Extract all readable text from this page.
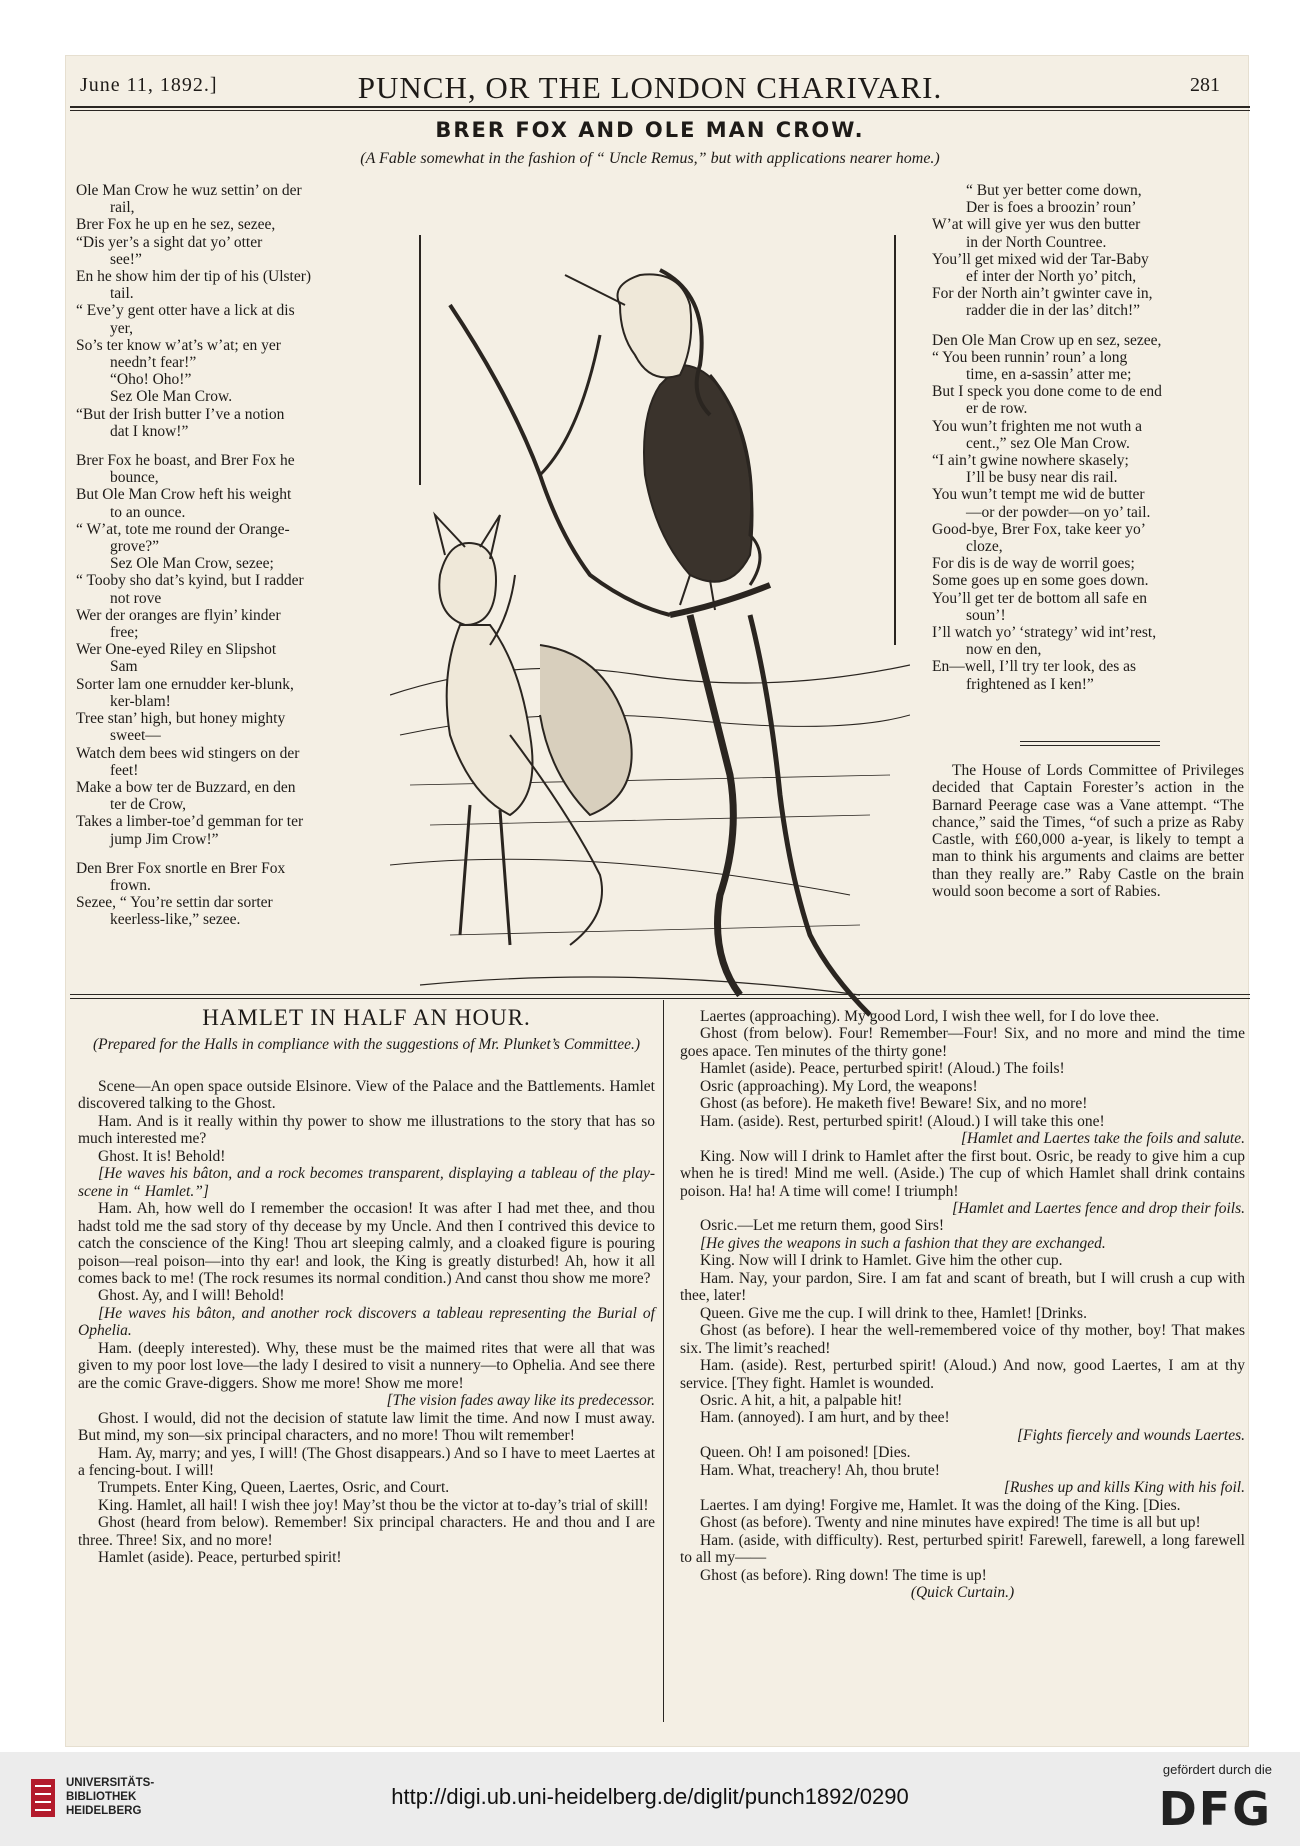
June 11, 1892.]	PUNCH, OR THE LONDON CHARIVARI.	281
BRER FOX AND OLE MAN CROW.
(A Fable somewhat in the fashion of “ Uncle Remus,” but with applications nearer home.)
Ole Man Crow he wuz settin’ on der
rail,
Brer Fox he up en he sez, sezee,
“Dis yer’s a sight dat yo’ otter
see!”
En he show him der tip of his (Ulster)
tail.
“ Eve’y gent otter have a lick at dis
yer,
So’s ter know w’at’s w’at; en yer
needn’t fear!”
“Oho! Oho!”
Sez Ole Man Crow.
“But der Irish butter I’ve a notion
dat I know!”
Brer Fox he boast, and Brer Fox he
bounce,
But Ole Man Crow heft his weight
to an ounce.
“ W’at, tote me round der Orange-
grove?”
Sez Ole Man Crow, sezee;
“ Tooby sho dat’s kyind, but I radder
not rove
Wer der oranges are flyin’ kinder
free;
Wer One-eyed Riley en Slipshot
Sam
Sorter lam one ernudder ker-blunk,
ker-blam!
Tree stan’ high, but honey mighty
sweet—
Watch dem bees wid stingers on der
feet!
Make a bow ter de Buzzard, en den
ter de Crow,
Takes a limber-toe’d gemman for ter
jump Jim Crow!”
Den Brer Fox snortle en Brer Fox
frown.
Sezee, “ You’re settin dar sorter
keerless-like,” sezee.
“ But yer better come down,
Der is foes a broozin’ roun’
W’at will give yer wus den butter
in der North Countree.
You’ll get mixed wid der Tar-Baby
ef inter der North yo’ pitch,
For der North ain’t gwinter cave in,
radder die in der las’ ditch!”
Den Ole Man Crow up en sez, sezee,
“ You been runnin’ roun’ a long
time, en a-sassin’ atter me;
But I speck you done come to de end
er de row.
You wun’t frighten me not wuth a
cent.,” sez Ole Man Crow.
“I ain’t gwine nowhere skasely;
I’ll be busy near dis rail.
You wun’t tempt me wid de butter
—or der powder—on yo’ tail.
Good-bye, Brer Fox, take keer yo’
cloze,
For dis is de way de worril goes;
Some goes up en some goes down.
You’ll get ter de bottom all safe en
soun’!
I’ll watch yo’ ‘strategy’ wid int’rest,
now en den,
En—well, I’ll try ter look, des as
frightened as I ken!”
The House of Lords Committee of Privileges decided that Captain Forester’s action in the Barnard Peerage case was a Vane attempt. “The chance,” said the Times, “of such a prize as Raby Castle, with £60,000 a-year, is likely to tempt a man to think his arguments and claims are better than they really are.” Raby Castle on the brain would soon become a sort of Rabies.
HAMLET IN HALF AN HOUR.
(Prepared for the Halls in compliance with the suggestions of Mr. Plunket’s Committee.)
Scene—An open space outside Elsinore. View of the Palace and the Battlements. Hamlet discovered talking to the Ghost.
Ham. And is it really within thy power to show me illustrations to the story that has so much interested me?
Ghost. It is! Behold!
[He waves his bâton, and a rock becomes transparent, displaying a tableau of the play-scene in “ Hamlet.”]
Ham. Ah, how well do I remember the occasion! It was after I had met thee, and thou hadst told me the sad story of thy decease by my Uncle. And then I contrived this device to catch the conscience of the King! Thou art sleeping calmly, and a cloaked figure is pouring poison—real poison—into thy ear! and look, the King is greatly disturbed! Ah, how it all comes back to me! (The rock resumes its normal condition.) And canst thou show me more?
Ghost. Ay, and I will! Behold!
[He waves his bâton, and another rock discovers a tableau representing the Burial of Ophelia.
Ham. (deeply interested). Why, these must be the maimed rites that were all that was given to my poor lost love—the lady I desired to visit a nunnery—to Ophelia. And see there are the comic Grave-diggers. Show me more! Show me more!
[The vision fades away like its predecessor.
Ghost. I would, did not the decision of statute law limit the time. And now I must away. But mind, my son—six principal characters, and no more! Thou wilt remember!
Ham. Ay, marry; and yes, I will! (The Ghost disappears.) And so I have to meet Laertes at a fencing-bout. I will!
Trumpets. Enter King, Queen, Laertes, Osric, and Court.
King. Hamlet, all hail! I wish thee joy! May’st thou be the victor at to-day’s trial of skill!
Ghost (heard from below). Remember! Six principal characters. He and thou and I are three. Three! Six, and no more!
Hamlet (aside). Peace, perturbed spirit!
Laertes (approaching). My good Lord, I wish thee well, for I do love thee.
Ghost (from below). Four! Remember—Four! Six, and no more and mind the time goes apace. Ten minutes of the thirty gone!
Hamlet (aside). Peace, perturbed spirit! (Aloud.) The foils!
Osric (approaching). My Lord, the weapons!
Ghost (as before). He maketh five! Beware! Six, and no more!
Ham. (aside). Rest, perturbed spirit! (Aloud.) I will take this one!
[Hamlet and Laertes take the foils and salute.
King. Now will I drink to Hamlet after the first bout. Osric, be ready to give him a cup when he is tired! Mind me well. (Aside.) The cup of which Hamlet shall drink contains poison. Ha! ha! A time will come! I triumph!
[Hamlet and Laertes fence and drop their foils.
Osric.—Let me return them, good Sirs!
[He gives the weapons in such a fashion that they are exchanged.
King. Now will I drink to Hamlet. Give him the other cup.
Ham. Nay, your pardon, Sire. I am fat and scant of breath, but I will crush a cup with thee, later!
Queen. Give me the cup. I will drink to thee, Hamlet! [Drinks.
Ghost (as before). I hear the well-remembered voice of thy mother, boy! That makes six. The limit’s reached!
Ham. (aside). Rest, perturbed spirit! (Aloud.) And now, good Laertes, I am at thy service. [They fight. Hamlet is wounded.
Osric. A hit, a hit, a palpable hit!
Ham. (annoyed). I am hurt, and by thee!
[Fights fiercely and wounds Laertes.
Queen. Oh! I am poisoned! [Dies.
Ham. What, treachery! Ah, thou brute!
[Rushes up and kills King with his foil.
Laertes. I am dying! Forgive me, Hamlet. It was the doing of the King. [Dies.
Ghost (as before). Twenty and nine minutes have expired! The time is all but up!
Ham. (aside, with difficulty). Rest, perturbed spirit! Farewell, farewell, a long farewell to all my——
Ghost (as before). Ring down! The time is up!
(Quick Curtain.)
UNIVERSITÄTS-
BIBLIOTHEK
HEIDELBERG
http://digi.ub.uni-heidelberg.de/diglit/punch1892/0290
gefördert durch die
DFG
